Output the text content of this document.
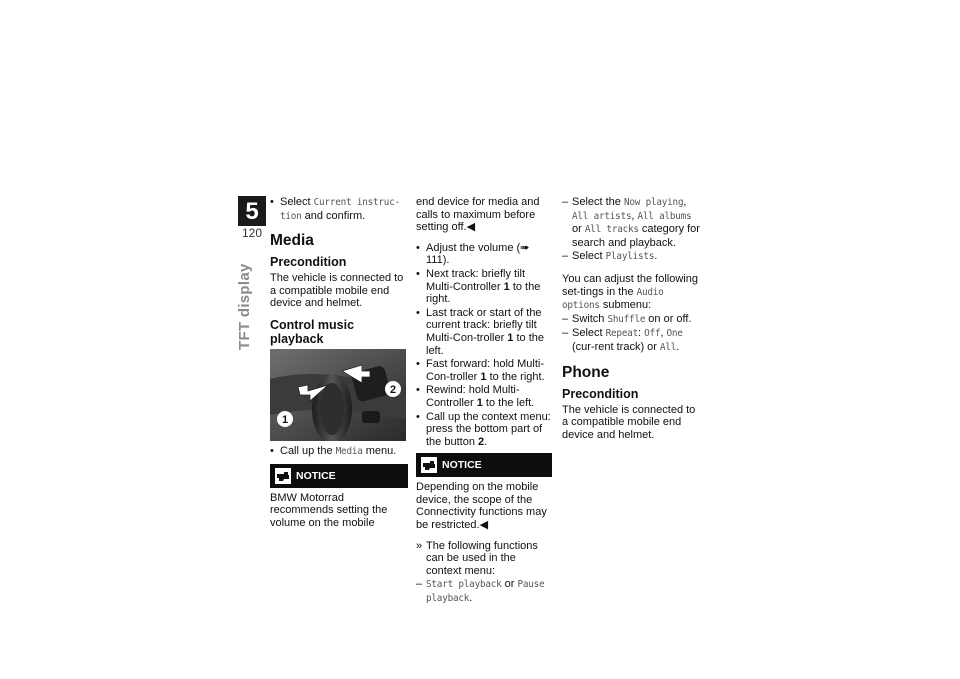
5
120
TFT display
• Select Current instruc-tion and confirm.
Media
Precondition

The vehicle is connected to a compatible mobile end device and helmet.

Control music playback
1
2
• Call up the Media menu.
NOTICE

BMW Motorrad recommends setting the volume on the mobile

end device for media and calls to maximum before setting off.◀

• Adjust the volume (➠ 111).
• Next track: briefly tilt Multi-Controller 1 to the right.
• Last track or start of the current track: briefly tilt Multi-Con-troller 1 to the left.
• Fast forward: hold Multi-Con-troller 1 to the right.
• Rewind: hold Multi-Controller 1 to the left.
• Call up the context menu: press the bottom part of the button 2.
NOTICE

Depending on the mobile device, the scope of the Connectivity functions may be restricted.◀

» The following functions can be used in the context menu:
– Start playback or Pause playback.
– Select the Now playing, All artists, All albums or All tracks category for search and playback.
– Select Playlists.

You can adjust the following set-tings in the Audio options submenu:

– Switch Shuffle on or off.
– Select Repeat: Off, One (cur-rent track) or All.
Phone
Precondition

The vehicle is connected to a compatible mobile end device and helmet.
